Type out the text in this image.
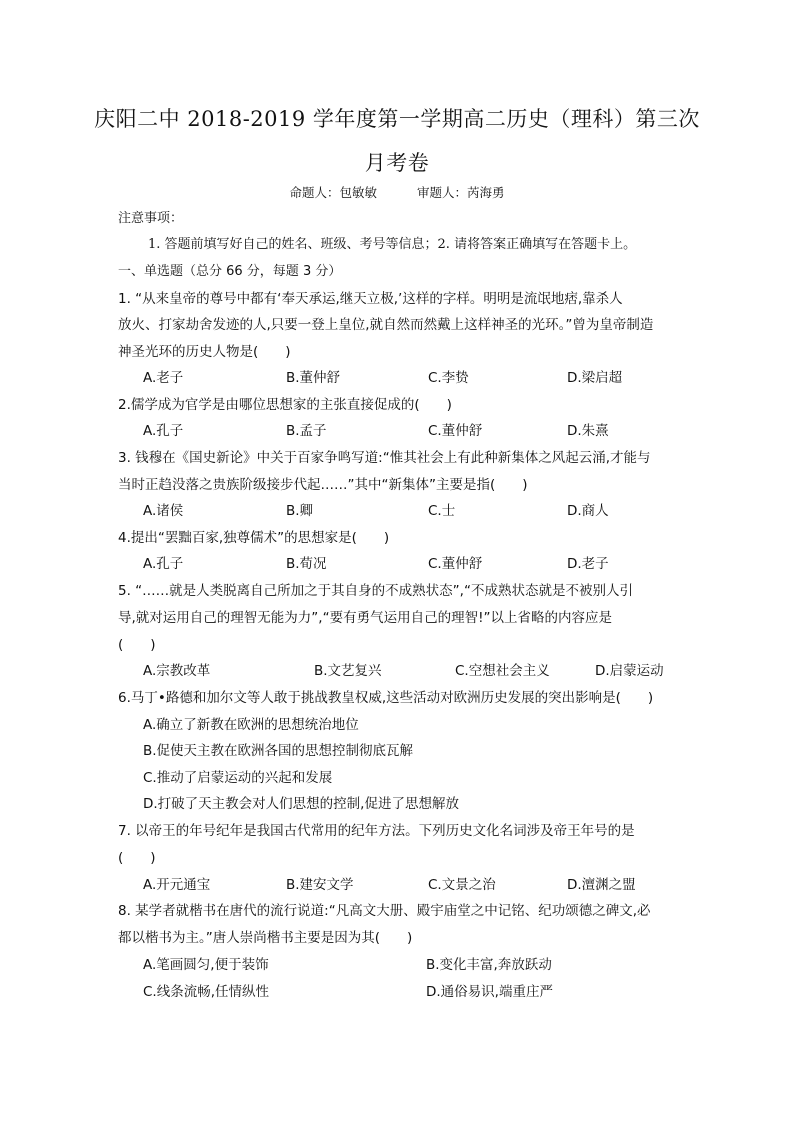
庆阳二中 2018-2019 学年度第一学期高二历史（理科）第三次
月考卷
命题人：包敏敏	审题人：芮海勇
注意事项：
1. 答题前填写好自己的姓名、班级、考号等信息；2. 请将答案正确填写在答题卡上。
一、单选题（总分 66 分，每题 3 分）
1. “从来皇帝的尊号中都有‘奉天承运,继天立极,’这样的字样。明明是流氓地痞,靠杀人
放火、打家劫舍发迹的人,只要一登上皇位,就自然而然戴上这样神圣的光环。”曾为皇帝制造
神圣光环的历史人物是(　　)
A.老子	B.董仲舒	C.李贽	D.梁启超
2.儒学成为官学是由哪位思想家的主张直接促成的(　　)
A.孔子	B.孟子	C.董仲舒	D.朱熹
3. 钱穆在《国史新论》中关于百家争鸣写道:“惟其社会上有此种新集体之风起云涌,才能与
当时正趋没落之贵族阶级接步代起……”其中“新集体”主要是指(　　)
A.诸侯	B.卿	C.士	D.商人
4.提出“罢黜百家,独尊儒术”的思想家是(　　)
A.孔子	B.荀况	C.董仲舒	D.老子
5. “……就是人类脱离自己所加之于其自身的不成熟状态”,“不成熟状态就是不被别人引
导,就对运用自己的理智无能为力”,“要有勇气运用自己的理智!”以上省略的内容应是
(　　)
A.宗教改革	B.文艺复兴	C.空想社会主义	D.启蒙运动
6.马丁•路德和加尔文等人敢于挑战教皇权威,这些活动对欧洲历史发展的突出影响是(　　)
A.确立了新教在欧洲的思想统治地位
B.促使天主教在欧洲各国的思想控制彻底瓦解
C.推动了启蒙运动的兴起和发展
D.打破了天主教会对人们思想的控制,促进了思想解放
7. 以帝王的年号纪年是我国古代常用的纪年方法。下列历史文化名词涉及帝王年号的是
(　　)
A.开元通宝	B.建安文学	C.文景之治	D.澶渊之盟
8. 某学者就楷书在唐代的流行说道:“凡高文大册、殿宇庙堂之中记铭、纪功颂德之碑文,必
都以楷书为主。”唐人崇尚楷书主要是因为其(　　)
A.笔画圆匀,便于装饰	B.变化丰富,奔放跃动
C.线条流畅,任情纵性	D.通俗易识,端重庄严
